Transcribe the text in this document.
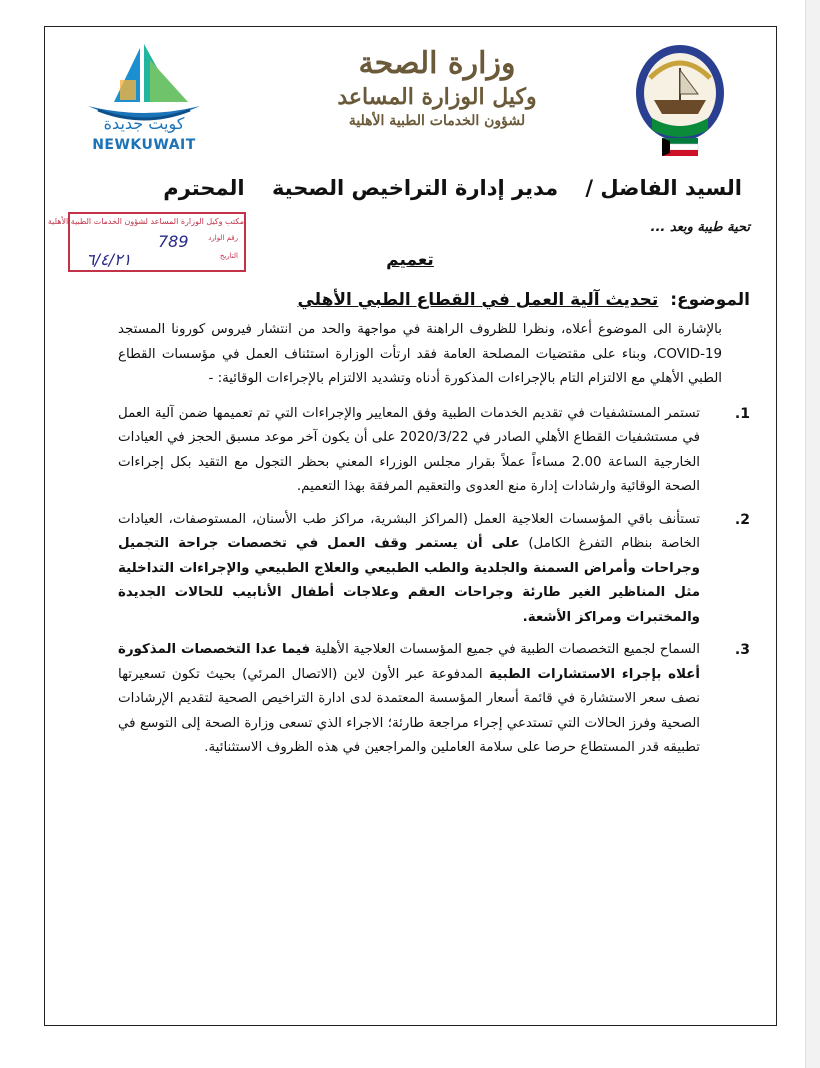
وزارة الصحة
وكيل الوزارة المساعد
لشؤون الخدمات الطبية الأهلية
كويت جديدة
NEWKUWAIT
السيد الفاضل / مدير إدارة التراخيص الصحية المحترم
تحية طيبة وبعد ...
مكتب وكيل الوزارة المساعد لشؤون الخدمات الطبية الأهلية
رقم الوارد
التاريخ
789
٦/٤/٢١	تعميم
الموضوع: تحديث آلية العمل في القطاع الطبي الأهلي

بالإشارة الى الموضوع أعلاه، ونظرا للظروف الراهنة في مواجهة والحد من انتشار فيروس كورونا المستجد COVID-19، وبناء على مقتضيات المصلحة العامة فقد ارتأت الوزارة استئناف العمل في مؤسسات القطاع الطبي الأهلي مع الالتزام التام بالإجراءات المذكورة أدناه وتشديد الالتزام بالإجراءات الوقائية: -

1.
تستمر المستشفيات في تقديم الخدمات الطبية وفق المعايير والإجراءات التي تم تعميمها ضمن آلية العمل في مستشفيات القطاع الأهلي الصادر في 2020/3/22 على أن يكون آخر موعد مسبق الحجز في العيادات الخارجية الساعة 2.00 مساءاً عملاً بقرار مجلس الوزراء المعني بحظر التجول مع التقيد بكل إجراءات الصحة الوقائية وارشادات إدارة منع العدوى والتعقيم المرفقة بهذا التعميم.
2.
تستأنف باقي المؤسسات العلاجية العمل (المراكز البشرية، مراكز طب الأسنان، المستوصفات، العيادات الخاصة بنظام التفرغ الكامل) على أن يستمر وقف العمل في تخصصات جراحة التجميل وجراحات وأمراض السمنة والجلدية والطب الطبيعي والعلاج الطبيعي والإجراءات التداخلية مثل المناظير الغير طارئة وجراحات العقم وعلاجات أطفال الأنابيب للحالات الجديدة والمختبرات ومراكز الأشعة.
3.
السماح لجميع التخصصات الطبية في جميع المؤسسات العلاجية الأهلية فيما عدا التخصصات المذكورة أعلاه بإجراء الاستشارات الطبية المدفوعة عبر الأون لاين (الاتصال المرئي) بحيث تكون تسعيرتها نصف سعر الاستشارة في قائمة أسعار المؤسسة المعتمدة لدى ادارة التراخيص الصحية لتقديم الإرشادات الصحية وفرز الحالات التي تستدعي إجراء مراجعة طارئة؛ الاجراء الذي تسعى وزارة الصحة إلى التوسع في تطبيقه قدر المستطاع حرصا على سلامة العاملين والمراجعين في هذه الظروف الاستثنائية.
